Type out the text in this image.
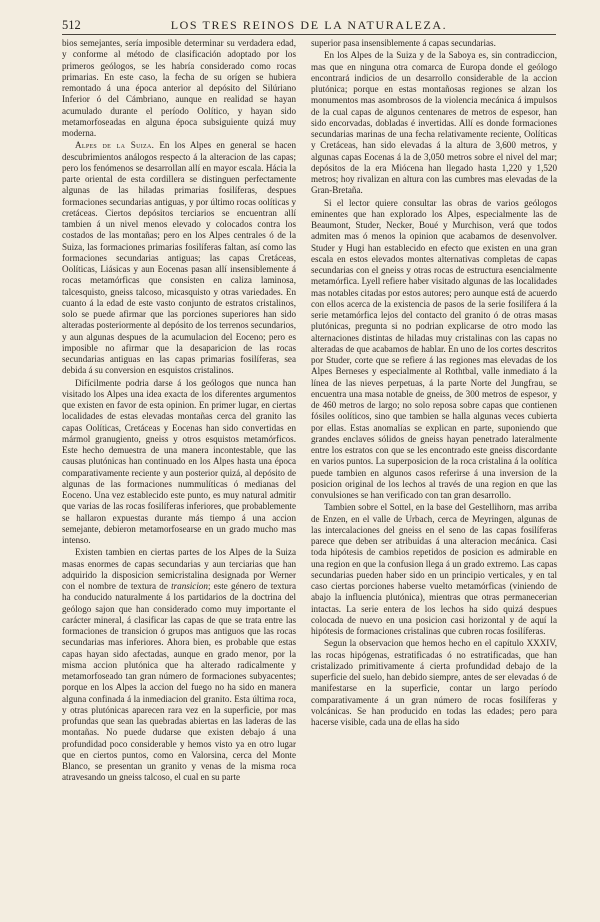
512	LOS TRES REINOS DE LA NATURALEZA.

bios semejantes, sería imposible determinar su verdadera edad, y conforme al método de clasificación adoptado por los primeros geólogos, se les habría considerado como rocas primarias. En este caso, la fecha de su orígen se hubiera remontado á una época anterior al depósito del Silúriano Inferior ó del Cámbriano, aunque en realidad se hayan acumulado durante el período Oolítico, y hayan sido metamorfoseadas en alguna época subsiguiente quizá muy moderna.

Alpes de la Suiza. En los Alpes en general se hacen descubrimientos análogos respecto á la alteracion de las capas; pero los fenómenos se desarrollan allí en mayor escala. Hácia la parte oriental de esta cordillera se distinguen perfectamente algunas de las hiladas primarias fosilíferas, despues formaciones secundarias antiguas, y por último rocas oolíticas y cretáceas. Ciertos depósitos terciarios se encuentran allí tambien á un nivel menos elevado y colocados contra los costados de las montañas; pero en los Alpes centrales ó de la Suiza, las formaciones primarias fosilíferas faltan, así como las formaciones secundarias antiguas; las capas Cretáceas, Oolíticas, Liásicas y aun Eocenas pasan allí insensiblemente á rocas metamórficas que consisten en caliza laminosa, talcesquisto, gneiss talcoso, micasquisto y otras variedades. En cuanto á la edad de este vasto conjunto de estratos cristalinos, solo se puede afirmar que las porciones superiores han sido alteradas posteriormente al depósito de los terrenos secundarios, y aun algunas despues de la acumulacion del Eoceno; pero es imposible no afirmar que la desaparicion de las rocas secundarias antiguas en las capas primarias fosilíferas, sea debida á su conversion en esquistos cristalinos.

Difícilmente podria darse á los geólogos que nunca han visitado los Alpes una idea exacta de los diferentes argumentos que existen en favor de esta opinion. En primer lugar, en ciertas localidades de estas elevadas montañas cerca del granito las capas Oolíticas, Cretáceas y Eocenas han sido convertidas en mármol granugiento, gneiss y otros esquistos metamórficos. Este hecho demuestra de una manera incontestable, que las causas plutónicas han continuado en los Alpes hasta una época comparativamente reciente y aun posterior quizá, al depósito de algunas de las formaciones nummulíticas ó medianas del Eoceno. Una vez establecido este punto, es muy natural admitir que varias de las rocas fosilíferas inferiores, que probablemente se hallaron expuestas durante más tiempo á una accion semejante, debieron metamorfosearse en un grado mucho mas intenso.

Existen tambien en ciertas partes de los Alpes de la Suiza masas enormes de capas secundarias y aun terciarias que han adquirido la disposicion semicristalina designada por Werner con el nombre de textura de transicion; este género de textura ha conducido naturalmente á los partidarios de la doctrina del geólogo sajon que han considerado como muy importante el carácter mineral, á clasificar las capas de que se trata entre las formaciones de transicion ó grupos mas antiguos que las rocas secundarias mas inferiores. Ahora bien, es probable que estas capas hayan sido afectadas, aunque en grado menor, por la misma accion plutónica que ha alterado radicalmente y metamorfoseado tan gran número de formaciones subyacentes; porque en los Alpes la accion del fuego no ha sido en manera alguna confinada á la inmediacion del granito. Esta última roca, y otras plutónicas aparecen rara vez en la superficie, por mas profundas que sean las quebradas abiertas en las laderas de las montañas. No puede dudarse que existen debajo á una profundidad poco considerable y hemos visto ya en otro lugar que en ciertos puntos, como en Valorsina, cerca del Monte Blanco, se presentan un granito y venas de la misma roca atravesando un gneiss talcoso, el cual en su parte

superior pasa insensiblemente á capas secundarias.

En los Alpes de la Suiza y de la Saboya es, sin contradiccion, mas que en ninguna otra comarca de Europa donde el geólogo encontrará indicios de un desarrollo considerable de la accion plutónica; porque en estas montañosas regiones se alzan los monumentos mas asombrosos de la violencia mecánica á impulsos de la cual capas de algunos centenares de metros de espesor, han sido encorvadas, dobladas é invertidas. Allí es donde formaciones secundarias marinas de una fecha relativamente reciente, Oolíticas y Cretáceas, han sido elevadas á la altura de 3,600 metros, y algunas capas Eocenas á la de 3,050 metros sobre el nivel del mar; depósitos de la era Miócena han llegado hasta 1,220 y 1,520 metros; hoy rivalizan en altura con las cumbres mas elevadas de la Gran-Bretaña.

Si el lector quiere consultar las obras de varios geólogos eminentes que han explorado los Alpes, especialmente las de Beaumont, Studer, Necker, Boué y Murchison, verá que todos admiten mas ó menos la opinion que acabamos de desenvolver. Studer y Hugi han establecido en efecto que existen en una gran escala en estos elevados montes alternativas completas de capas secundarias con el gneiss y otras rocas de estructura esencialmente metamórfica. Lyell refiere haber visitado algunas de las localidades mas notables citadas por estos autores; pero aunque está de acuerdo con ellos acerca de la existencia de pasos de la serie fosilífera á la serie metamórfica lejos del contacto del granito ó de otras masas plutónicas, pregunta si no podrian explicarse de otro modo las alternaciones distintas de hiladas muy cristalinas con las capas no alteradas de que acabamos de hablar. En uno de los cortes descritos por Studer, corte que se refiere á las regiones mas elevadas de los Alpes Berneses y especialmente al Rothtbal, valle inmediato á la línea de las nieves perpetuas, á la parte Norte del Jungfrau, se encuentra una masa notable de gneiss, de 300 metros de espesor, y de 460 metros de largo; no solo reposa sobre capas que contienen fósiles oolíticos, sino que tambien se halla algunas veces cubierta por ellas. Estas anomalías se explican en parte, suponiendo que grandes enclaves sólidos de gneiss hayan penetrado lateralmente entre los estratos con que se les encontrado este gneiss discordante en varios puntos. La superposicion de la roca cristalina á la oolítica puede tambien en algunos casos referirse á una inversion de la posicion original de los lechos al través de una region en que las convulsiones se han verificado con tan gran desarrollo.

Tambien sobre el Sottel, en la base del Gestellihorn, mas arriba de Enzen, en el valle de Urbach, cerca de Meyringen, algunas de las intercalaciones del gneiss en el seno de las capas fosilíferas parece que deben ser atribuidas á una alteracion mecánica. Casi toda hipótesis de cambios repetidos de posicion es admirable en una region en que la confusion llega á un grado extremo. Las capas secundarias pueden haber sido en un principio verticales, y en tal caso ciertas porciones haberse vuelto metamórficas (viniendo de abajo la influencia plutónica), mientras que otras permanecerian intactas. La serie entera de los lechos ha sido quizá despues colocada de nuevo en una posicion casi horizontal y de aquí la hipótesis de formaciones cristalinas que cubren rocas fosilíferas.

Segun la observacion que hemos hecho en el capítulo XXXIV, las rocas hipógenas, estratificadas ó no estratificadas, que han cristalizado primitivamente á cierta profundidad debajo de la superficie del suelo, han debido siempre, antes de ser elevadas ó de manifestarse en la superficie, contar un largo período comparativamente á un gran número de rocas fosilíferas y volcánicas. Se han producido en todas las edades; pero para hacerse visible, cada una de ellas ha sido
